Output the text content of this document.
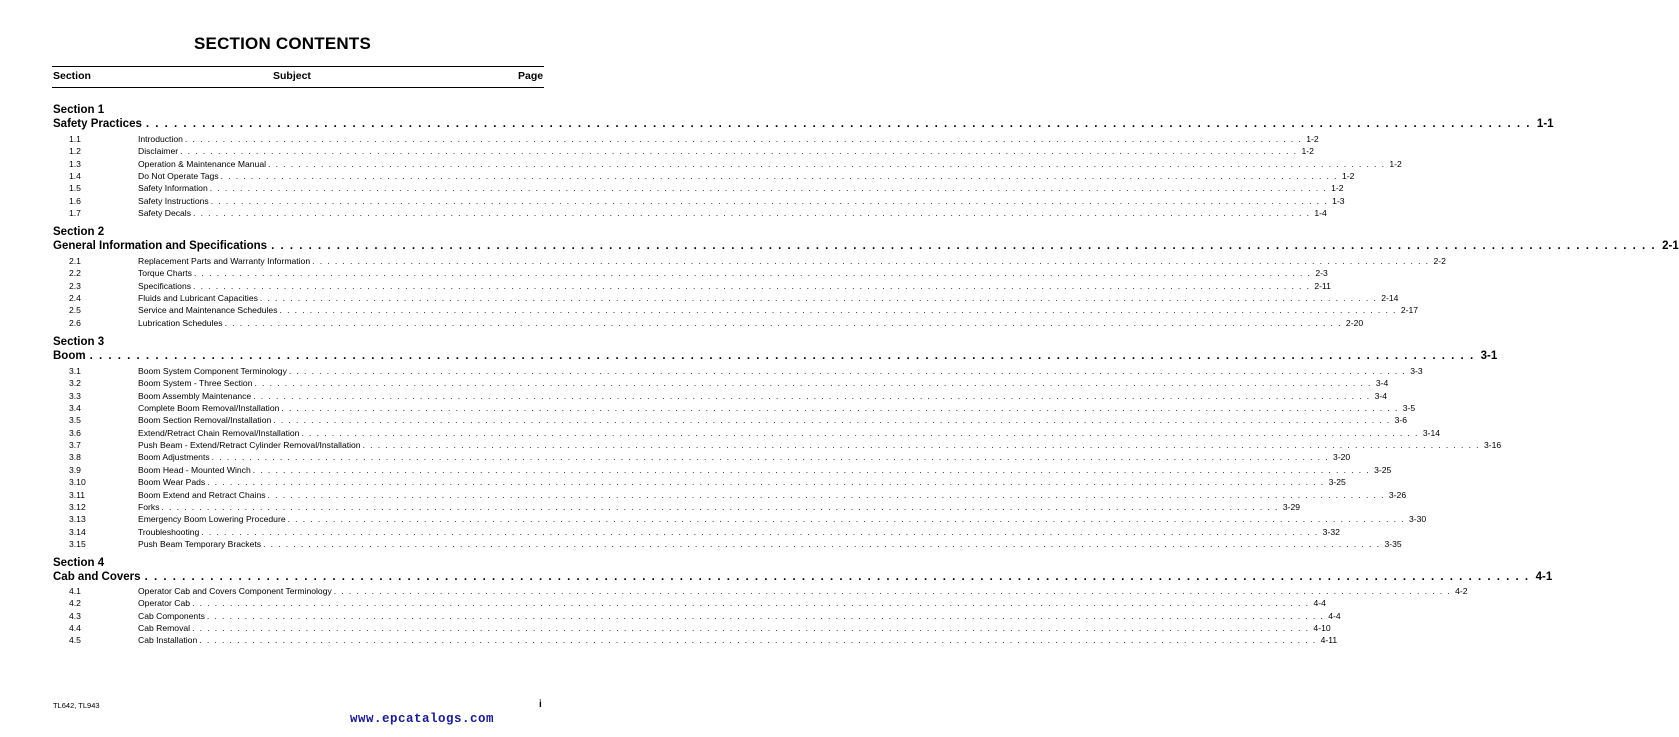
SECTION CONTENTS
Section	Subject	Page
Section 1
Safety Practices . . . . . . . . . . . . . . . . . . . . . . . . . . . . . . . . . . . . . . . . . . . . . . . . . . . . . . . . . . . . . . . . . . . . . . . . . . . . . . . . . . . . . . . . . . . . . . . . . . . . . . . . . . . . . . . . . . . . . . . . . . . . . . . . . . . . . . . . . . . . . . . . . . . . 1-1
1.1	Introduction . . . . . . . . . . . . . . . . . . . . . . . . . . . . . . . . . . . . . . . . . . . . . . . . . . . . . . . . . . . . . . . . . . . . . . . . . . . . . . . . . . . . . . . . . . . . . . . . . . . . . . . . . . . . . . . . . . . . . . . . . . . . . . . . . . . . . . . . . . . . . . . . . . . . 1-2
1.2	Disclaimer . . . . . . . . . . . . . . . . . . . . . . . . . . . . . . . . . . . . . . . . . . . . . . . . . . . . . . . . . . . . . . . . . . . . . . . . . . . . . . . . . . . . . . . . . . . . . . . . . . . . . . . . . . . . . . . . . . . . . . . . . . . . . . . . . . . . . . . . . . . . . . . . . . . . 1-2
1.3	Operation & Maintenance Manual . . . . . . . . . . . . . . . . . . . . . . . . . . . . . . . . . . . . . . . . . . . . . . . . . . . . . . . . . . . . . . . . . . . . . . . . . . . . . . . . . . . . . . . . . . . . . . . . . . . . . . . . . . . . . . . . . . . . . . . . . . . . . . . . . . . . . . . . . . . . . . . . . . . . 1-2
1.4	Do Not Operate Tags . . . . . . . . . . . . . . . . . . . . . . . . . . . . . . . . . . . . . . . . . . . . . . . . . . . . . . . . . . . . . . . . . . . . . . . . . . . . . . . . . . . . . . . . . . . . . . . . . . . . . . . . . . . . . . . . . . . . . . . . . . . . . . . . . . . . . . . . . . . . . . . . . . . . 1-2
1.5	Safety Information . . . . . . . . . . . . . . . . . . . . . . . . . . . . . . . . . . . . . . . . . . . . . . . . . . . . . . . . . . . . . . . . . . . . . . . . . . . . . . . . . . . . . . . . . . . . . . . . . . . . . . . . . . . . . . . . . . . . . . . . . . . . . . . . . . . . . . . . . . . . . . . . . . . . 1-2
1.6	Safety Instructions . . . . . . . . . . . . . . . . . . . . . . . . . . . . . . . . . . . . . . . . . . . . . . . . . . . . . . . . . . . . . . . . . . . . . . . . . . . . . . . . . . . . . . . . . . . . . . . . . . . . . . . . . . . . . . . . . . . . . . . . . . . . . . . . . . . . . . . . . . . . . . . . . . . . 1-3
1.7	Safety Decals . . . . . . . . . . . . . . . . . . . . . . . . . . . . . . . . . . . . . . . . . . . . . . . . . . . . . . . . . . . . . . . . . . . . . . . . . . . . . . . . . . . . . . . . . . . . . . . . . . . . . . . . . . . . . . . . . . . . . . . . . . . . . . . . . . . . . . . . . . . . . . . . . . . . 1-4
Section 2
General Information and Specifications . . . . . . . . . . . . . . . . . . . . . . . . . . . . . . . . . . . . . . . . . . . . . . . . . . . . . . . . . . . . . . . . . . . . . . . . . . . . . . . . . . . . . . . . . . . . . . . . . . . . . . . . . . . . . . . . . . . . . . . . . . . . . . . . . . . . . . . . . . . . . . . . . . . . 2-1
2.1	Replacement Parts and Warranty Information . . . . . . . . . . . . . . . . . . . . . . . . . . . . . . . . . . . . . . . . . . . . . . . . . . . . . . . . . . . . . . . . . . . . . . . . . . . . . . . . . . . . . . . . . . . . . . . . . . . . . . . . . . . . . . . . . . . . . . . . . . . . . . . . . . . . . . . . . . . . . . . . . . . . 2-2
2.2	Torque Charts . . . . . . . . . . . . . . . . . . . . . . . . . . . . . . . . . . . . . . . . . . . . . . . . . . . . . . . . . . . . . . . . . . . . . . . . . . . . . . . . . . . . . . . . . . . . . . . . . . . . . . . . . . . . . . . . . . . . . . . . . . . . . . . . . . . . . . . . . . . . . . . . . . . . 2-3
2.3	Specifications . . . . . . . . . . . . . . . . . . . . . . . . . . . . . . . . . . . . . . . . . . . . . . . . . . . . . . . . . . . . . . . . . . . . . . . . . . . . . . . . . . . . . . . . . . . . . . . . . . . . . . . . . . . . . . . . . . . . . . . . . . . . . . . . . . . . . . . . . . . . . . . . . . . . 2-11
2.4	Fluids and Lubricant Capacities . . . . . . . . . . . . . . . . . . . . . . . . . . . . . . . . . . . . . . . . . . . . . . . . . . . . . . . . . . . . . . . . . . . . . . . . . . . . . . . . . . . . . . . . . . . . . . . . . . . . . . . . . . . . . . . . . . . . . . . . . . . . . . . . . . . . . . . . . . . . . . . . . . . . 2-14
2.5	Service and Maintenance Schedules . . . . . . . . . . . . . . . . . . . . . . . . . . . . . . . . . . . . . . . . . . . . . . . . . . . . . . . . . . . . . . . . . . . . . . . . . . . . . . . . . . . . . . . . . . . . . . . . . . . . . . . . . . . . . . . . . . . . . . . . . . . . . . . . . . . . . . . . . . . . . . . . . . . . 2-17
2.6	Lubrication Schedules . . . . . . . . . . . . . . . . . . . . . . . . . . . . . . . . . . . . . . . . . . . . . . . . . . . . . . . . . . . . . . . . . . . . . . . . . . . . . . . . . . . . . . . . . . . . . . . . . . . . . . . . . . . . . . . . . . . . . . . . . . . . . . . . . . . . . . . . . . . . . . . . . . . . 2-20
Section 3
Boom . . . . . . . . . . . . . . . . . . . . . . . . . . . . . . . . . . . . . . . . . . . . . . . . . . . . . . . . . . . . . . . . . . . . . . . . . . . . . . . . . . . . . . . . . . . . . . . . . . . . . . . . . . . . . . . . . . . . . . . . . . . . . . . . . . . . . . . . . . . . . . . . . . . . 3-1
3.1	Boom System Component Terminology . . . . . . . . . . . . . . . . . . . . . . . . . . . . . . . . . . . . . . . . . . . . . . . . . . . . . . . . . . . . . . . . . . . . . . . . . . . . . . . . . . . . . . . . . . . . . . . . . . . . . . . . . . . . . . . . . . . . . . . . . . . . . . . . . . . . . . . . . . . . . . . . . . . . 3-3
3.2	Boom System - Three Section . . . . . . . . . . . . . . . . . . . . . . . . . . . . . . . . . . . . . . . . . . . . . . . . . . . . . . . . . . . . . . . . . . . . . . . . . . . . . . . . . . . . . . . . . . . . . . . . . . . . . . . . . . . . . . . . . . . . . . . . . . . . . . . . . . . . . . . . . . . . . . . . . . . . 3-4
3.3	Boom Assembly Maintenance . . . . . . . . . . . . . . . . . . . . . . . . . . . . . . . . . . . . . . . . . . . . . . . . . . . . . . . . . . . . . . . . . . . . . . . . . . . . . . . . . . . . . . . . . . . . . . . . . . . . . . . . . . . . . . . . . . . . . . . . . . . . . . . . . . . . . . . . . . . . . . . . . . . . 3-4
3.4	Complete Boom Removal/Installation . . . . . . . . . . . . . . . . . . . . . . . . . . . . . . . . . . . . . . . . . . . . . . . . . . . . . . . . . . . . . . . . . . . . . . . . . . . . . . . . . . . . . . . . . . . . . . . . . . . . . . . . . . . . . . . . . . . . . . . . . . . . . . . . . . . . . . . . . . . . . . . . . . . . 3-5
3.5	Boom Section Removal/Installation . . . . . . . . . . . . . . . . . . . . . . . . . . . . . . . . . . . . . . . . . . . . . . . . . . . . . . . . . . . . . . . . . . . . . . . . . . . . . . . . . . . . . . . . . . . . . . . . . . . . . . . . . . . . . . . . . . . . . . . . . . . . . . . . . . . . . . . . . . . . . . . . . . . . 3-6
3.6	Extend/Retract Chain Removal/Installation . . . . . . . . . . . . . . . . . . . . . . . . . . . . . . . . . . . . . . . . . . . . . . . . . . . . . . . . . . . . . . . . . . . . . . . . . . . . . . . . . . . . . . . . . . . . . . . . . . . . . . . . . . . . . . . . . . . . . . . . . . . . . . . . . . . . . . . . . . . . . . . . . . . . 3-14
3.7	Push Beam - Extend/Retract Cylinder Removal/Installation . . . . . . . . . . . . . . . . . . . . . . . . . . . . . . . . . . . . . . . . . . . . . . . . . . . . . . . . . . . . . . . . . . . . . . . . . . . . . . . . . . . . . . . . . . . . . . . . . . . . . . . . . . . . . . . . . . . . . . . . . . . . . . . . . . . . . . . . . . . . . . . . . . . . 3-16
3.8	Boom Adjustments . . . . . . . . . . . . . . . . . . . . . . . . . . . . . . . . . . . . . . . . . . . . . . . . . . . . . . . . . . . . . . . . . . . . . . . . . . . . . . . . . . . . . . . . . . . . . . . . . . . . . . . . . . . . . . . . . . . . . . . . . . . . . . . . . . . . . . . . . . . . . . . . . . . . 3-20
3.9	Boom Head - Mounted Winch . . . . . . . . . . . . . . . . . . . . . . . . . . . . . . . . . . . . . . . . . . . . . . . . . . . . . . . . . . . . . . . . . . . . . . . . . . . . . . . . . . . . . . . . . . . . . . . . . . . . . . . . . . . . . . . . . . . . . . . . . . . . . . . . . . . . . . . . . . . . . . . . . . . . 3-25
3.10	Boom Wear Pads . . . . . . . . . . . . . . . . . . . . . . . . . . . . . . . . . . . . . . . . . . . . . . . . . . . . . . . . . . . . . . . . . . . . . . . . . . . . . . . . . . . . . . . . . . . . . . . . . . . . . . . . . . . . . . . . . . . . . . . . . . . . . . . . . . . . . . . . . . . . . . . . . . . . 3-25
3.11	Boom Extend and Retract Chains . . . . . . . . . . . . . . . . . . . . . . . . . . . . . . . . . . . . . . . . . . . . . . . . . . . . . . . . . . . . . . . . . . . . . . . . . . . . . . . . . . . . . . . . . . . . . . . . . . . . . . . . . . . . . . . . . . . . . . . . . . . . . . . . . . . . . . . . . . . . . . . . . . . . 3-26
3.12	Forks . . . . . . . . . . . . . . . . . . . . . . . . . . . . . . . . . . . . . . . . . . . . . . . . . . . . . . . . . . . . . . . . . . . . . . . . . . . . . . . . . . . . . . . . . . . . . . . . . . . . . . . . . . . . . . . . . . . . . . . . . . . . . . . . . . . . . . . . . . . . . . . . . . . . 3-29
3.13	Emergency Boom Lowering Procedure . . . . . . . . . . . . . . . . . . . . . . . . . . . . . . . . . . . . . . . . . . . . . . . . . . . . . . . . . . . . . . . . . . . . . . . . . . . . . . . . . . . . . . . . . . . . . . . . . . . . . . . . . . . . . . . . . . . . . . . . . . . . . . . . . . . . . . . . . . . . . . . . . . . . 3-30
3.14	Troubleshooting . . . . . . . . . . . . . . . . . . . . . . . . . . . . . . . . . . . . . . . . . . . . . . . . . . . . . . . . . . . . . . . . . . . . . . . . . . . . . . . . . . . . . . . . . . . . . . . . . . . . . . . . . . . . . . . . . . . . . . . . . . . . . . . . . . . . . . . . . . . . . . . . . . . . 3-32
3.15	Push Beam Temporary Brackets . . . . . . . . . . . . . . . . . . . . . . . . . . . . . . . . . . . . . . . . . . . . . . . . . . . . . . . . . . . . . . . . . . . . . . . . . . . . . . . . . . . . . . . . . . . . . . . . . . . . . . . . . . . . . . . . . . . . . . . . . . . . . . . . . . . . . . . . . . . . . . . . . . . . 3-35
Section 4
Cab and Covers . . . . . . . . . . . . . . . . . . . . . . . . . . . . . . . . . . . . . . . . . . . . . . . . . . . . . . . . . . . . . . . . . . . . . . . . . . . . . . . . . . . . . . . . . . . . . . . . . . . . . . . . . . . . . . . . . . . . . . . . . . . . . . . . . . . . . . . . . . . . . . . . . . . . 4-1
4.1	Operator Cab and Covers Component Terminology . . . . . . . . . . . . . . . . . . . . . . . . . . . . . . . . . . . . . . . . . . . . . . . . . . . . . . . . . . . . . . . . . . . . . . . . . . . . . . . . . . . . . . . . . . . . . . . . . . . . . . . . . . . . . . . . . . . . . . . . . . . . . . . . . . . . . . . . . . . . . . . . . . . . 4-2
4.2	Operator Cab . . . . . . . . . . . . . . . . . . . . . . . . . . . . . . . . . . . . . . . . . . . . . . . . . . . . . . . . . . . . . . . . . . . . . . . . . . . . . . . . . . . . . . . . . . . . . . . . . . . . . . . . . . . . . . . . . . . . . . . . . . . . . . . . . . . . . . . . . . . . . . . . . . . . 4-4
4.3	Cab Components . . . . . . . . . . . . . . . . . . . . . . . . . . . . . . . . . . . . . . . . . . . . . . . . . . . . . . . . . . . . . . . . . . . . . . . . . . . . . . . . . . . . . . . . . . . . . . . . . . . . . . . . . . . . . . . . . . . . . . . . . . . . . . . . . . . . . . . . . . . . . . . . . . . . 4-4
4.4	Cab Removal . . . . . . . . . . . . . . . . . . . . . . . . . . . . . . . . . . . . . . . . . . . . . . . . . . . . . . . . . . . . . . . . . . . . . . . . . . . . . . . . . . . . . . . . . . . . . . . . . . . . . . . . . . . . . . . . . . . . . . . . . . . . . . . . . . . . . . . . . . . . . . . . . . . . 4-10
4.5	Cab Installation . . . . . . . . . . . . . . . . . . . . . . . . . . . . . . . . . . . . . . . . . . . . . . . . . . . . . . . . . . . . . . . . . . . . . . . . . . . . . . . . . . . . . . . . . . . . . . . . . . . . . . . . . . . . . . . . . . . . . . . . . . . . . . . . . . . . . . . . . . . . . . . . . . . . 4-11
TL642, TL943	i
www.epcatalogs.com
